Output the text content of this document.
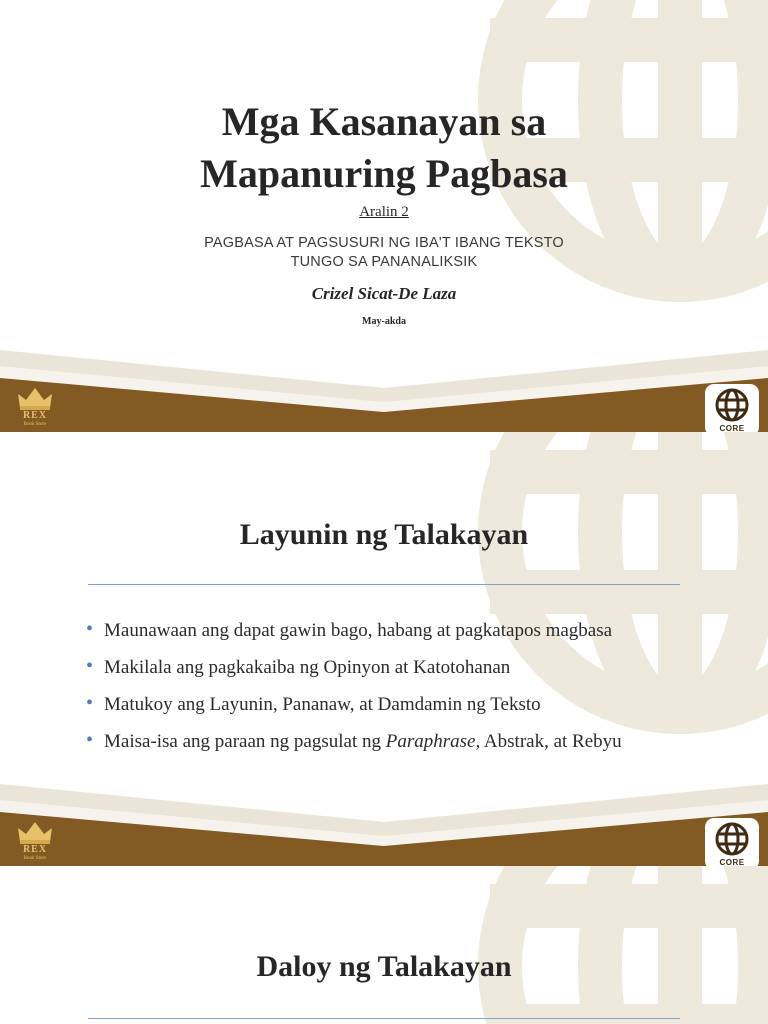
Mga Kasanayan sa
Mapanuring Pagbasa
Aralin 2
PAGBASA AT PAGSUSURI NG IBA'T IBANG TEKSTO
TUNGO SA PANANALIKSIK
Crizel Sicat-De Laza
May-akda
REX
Book Store	CORE
Layunin ng Talakayan
REX
Book Store	CORE
• Maunawaan ang dapat gawin bago, habang at pagkatapos magbasa
• Makilala ang pagkakaiba ng Opinyon at Katotohanan
• Matukoy ang Layunin, Pananaw, at Damdamin ng Teksto
• Maisa-isa ang paraan ng pagsulat ng Paraphrase, Abstrak, at Rebyu
Daloy ng Talakayan
